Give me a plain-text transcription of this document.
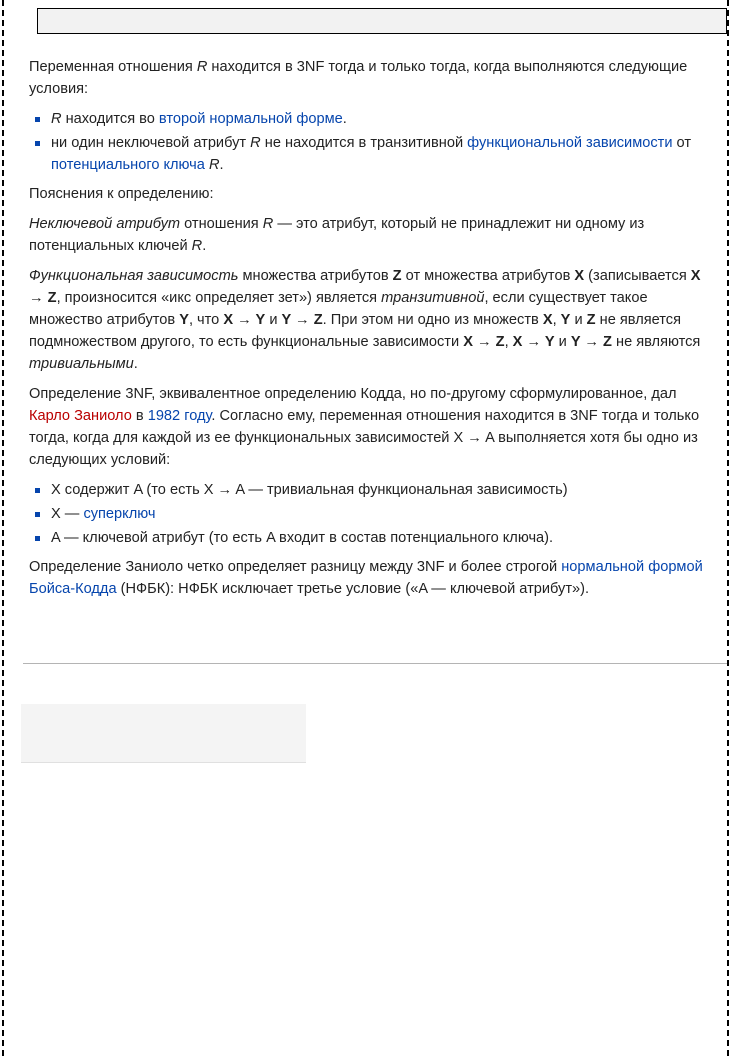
Переменная отношения R находится в 3NF тогда и только тогда, когда выполняются следующие условия:

R находится во второй нормальной форме.
ни один неключевой атрибут R не находится в транзитивной функциональной зависимости от потенциального ключа R.

Пояснения к определению:

Неключевой атрибут отношения R — это атрибут, который не принадлежит ни одному из потенциальных ключей R.

Функциональная зависимость множества атрибутов Z от множества атрибутов X (записывается X → Z, произносится «икс определяет зет») является транзитивной, если существует такое множество атрибутов Y, что X → Y и Y → Z. При этом ни одно из множеств X, Y и Z не является подмножеством другого, то есть функциональные зависимости X → Z, X → Y и Y → Z не являются тривиальными.

Определение 3NF, эквивалентное определению Кодда, но по-другому сформулированное, дал Карло Заниоло в 1982 году. Согласно ему, переменная отношения находится в 3NF тогда и только тогда, когда для каждой из ее функциональных зависимостей X → A выполняется хотя бы одно из следующих условий:

X содержит A (то есть X → A — тривиальная функциональная зависимость)
X — суперключ
A — ключевой атрибут (то есть A входит в состав потенциального ключа).

Определение Заниоло четко определяет разницу между 3NF и более строгой нормальной формой Бойса-Кодда (НФБК): НФБК исключает третье условие («A — ключевой атрибут»).
